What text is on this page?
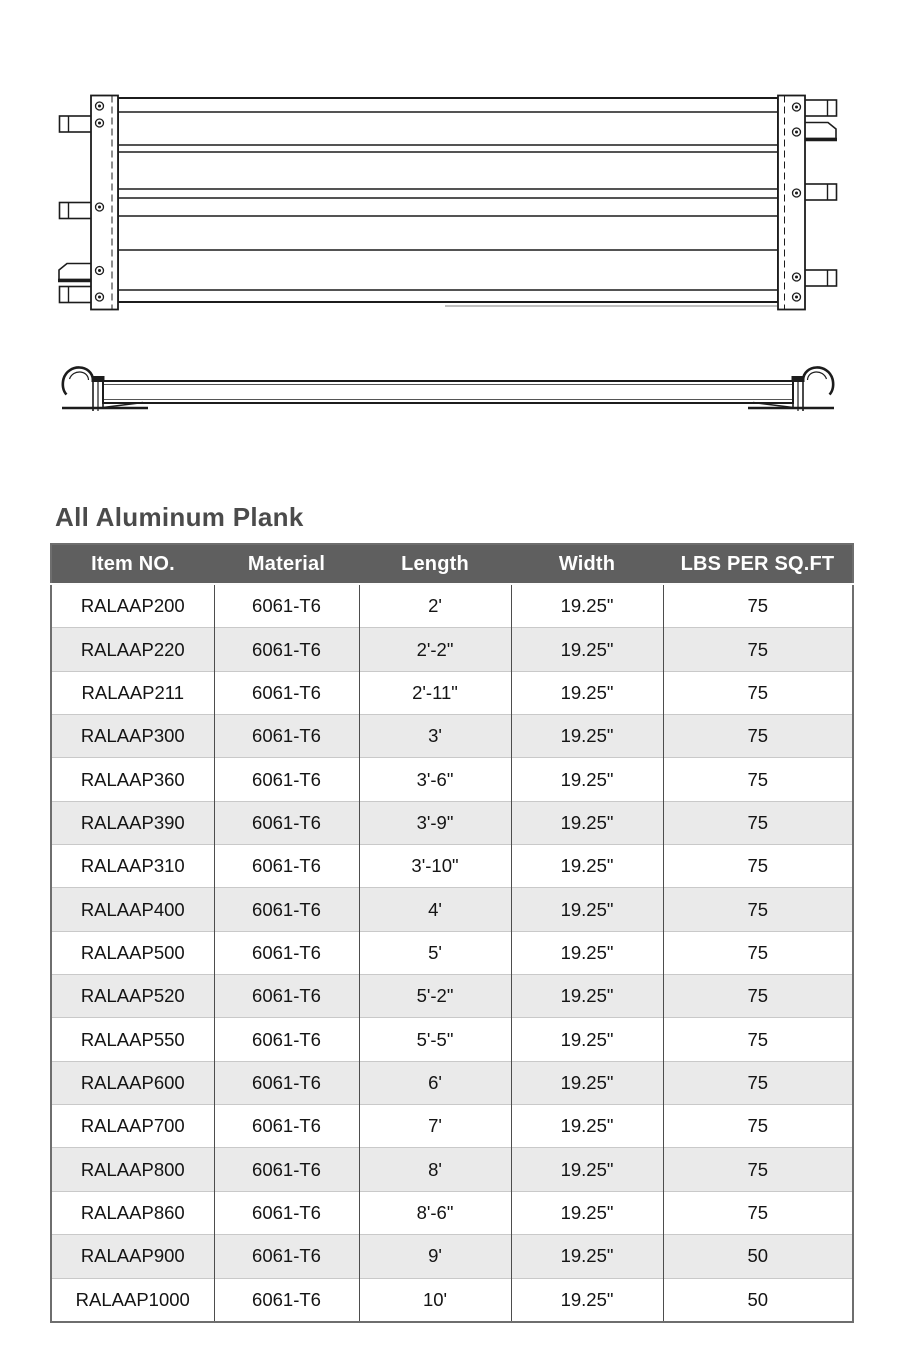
All Aluminum Plank
Item NO.	Material	Length	Width	LBS PER SQ.FT
RALAAP200	6061-T6	2'	19.25"	75
RALAAP220	6061-T6	2'-2"	19.25"	75
RALAAP211	6061-T6	2'-11"	19.25"	75
RALAAP300	6061-T6	3'	19.25"	75
RALAAP360	6061-T6	3'-6"	19.25"	75
RALAAP390	6061-T6	3'-9"	19.25"	75
RALAAP310	6061-T6	3'-10"	19.25"	75
RALAAP400	6061-T6	4'	19.25"	75
RALAAP500	6061-T6	5'	19.25"	75
RALAAP520	6061-T6	5'-2"	19.25"	75
RALAAP550	6061-T6	5'-5"	19.25"	75
RALAAP600	6061-T6	6'	19.25"	75
RALAAP700	6061-T6	7'	19.25"	75
RALAAP800	6061-T6	8'	19.25"	75
RALAAP860	6061-T6	8'-6"	19.25"	75
RALAAP900	6061-T6	9'	19.25"	50
RALAAP1000	6061-T6	10'	19.25"	50
